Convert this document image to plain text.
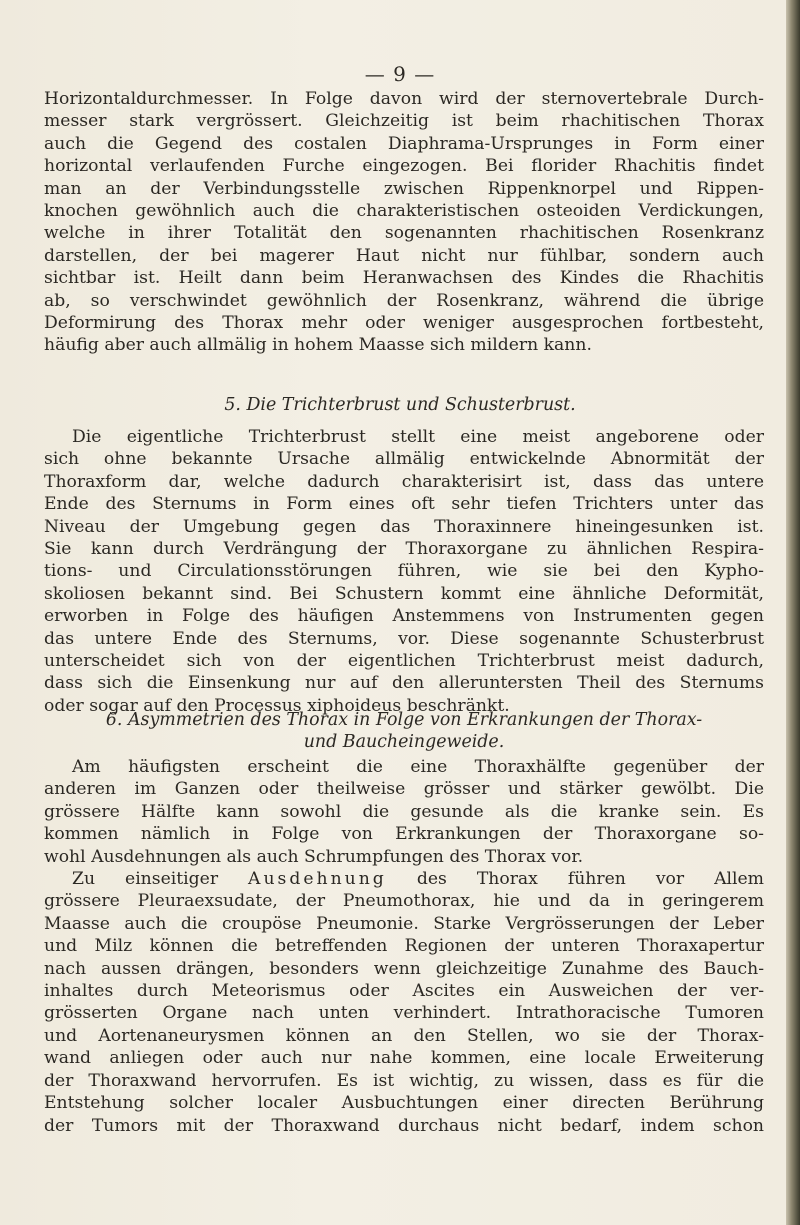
— 9 —

Horizontaldurchmesser. In Folge davon wird der sternovertebrale Durch-

messer stark vergrössert. Gleichzeitig ist beim rhachitischen Thorax

auch die Gegend des costalen Diaphrama-Ursprunges in Form einer

horizontal verlaufenden Furche eingezogen. Bei florider Rhachitis findet

man an der Verbindungsstelle zwischen Rippenknorpel und Rippen-

knochen gewöhnlich auch die charakteristischen osteoiden Verdickungen,

welche in ihrer Totalität den sogenannten rhachitischen Rosenkranz

darstellen, der bei magerer Haut nicht nur fühlbar, sondern auch

sichtbar ist. Heilt dann beim Heranwachsen des Kindes die Rhachitis

ab, so verschwindet gewöhnlich der Rosenkranz, während die übrige

Deformirung des Thorax mehr oder weniger ausgesprochen fortbesteht,

häufig aber auch allmälig in hohem Maasse sich mildern kann.

5. Die Trichterbrust und Schusterbrust.

Die eigentliche Trichterbrust stellt eine meist angeborene oder

sich ohne bekannte Ursache allmälig entwickelnde Abnormität der

Thoraxform dar, welche dadurch charakterisirt ist, dass das untere

Ende des Sternums in Form eines oft sehr tiefen Trichters unter das

Niveau der Umgebung gegen das Thoraxinnere hineingesunken ist.

Sie kann durch Verdrängung der Thoraxorgane zu ähnlichen Respira-

tions- und Circulationsstörungen führen, wie sie bei den Kypho-

skoliosen bekannt sind. Bei Schustern kommt eine ähnliche Deformität,

erworben in Folge des häufigen Anstemmens von Instrumenten gegen

das untere Ende des Sternums, vor. Diese sogenannte Schusterbrust

unterscheidet sich von der eigentlichen Trichterbrust meist dadurch,

dass sich die Einsenkung nur auf den alleruntersten Theil des Sternums

oder sogar auf den Processus xiphoideus beschränkt.

6. Asymmetrien des Thorax in Folge von Erkrankungen der Thorax-
und Baucheingeweide.

Am häufigsten erscheint die eine Thoraxhälfte gegenüber der

anderen im Ganzen oder theilweise grösser und stärker gewölbt. Die

grössere Hälfte kann sowohl die gesunde als die kranke sein. Es

kommen nämlich in Folge von Erkrankungen der Thoraxorgane so-

wohl Ausdehnungen als auch Schrumpfungen des Thorax vor.

Zu einseitiger Ausdehnung des Thorax führen vor Allem

grössere Pleuraexsudate, der Pneumothorax, hie und da in geringerem

Maasse auch die croupöse Pneumonie. Starke Vergrösserungen der Leber

und Milz können die betreffenden Regionen der unteren Thoraxapertur

nach aussen drängen, besonders wenn gleichzeitige Zunahme des Bauch-

inhaltes durch Meteorismus oder Ascites ein Ausweichen der ver-

grösserten Organe nach unten verhindert. Intrathoracische Tumoren

und Aortenaneurysmen können an den Stellen, wo sie der Thorax-

wand anliegen oder auch nur nahe kommen, eine locale Erweiterung

der Thoraxwand hervorrufen. Es ist wichtig, zu wissen, dass es für die

Entstehung solcher localer Ausbuchtungen einer directen Berührung

der Tumors mit der Thoraxwand durchaus nicht bedarf, indem schon
